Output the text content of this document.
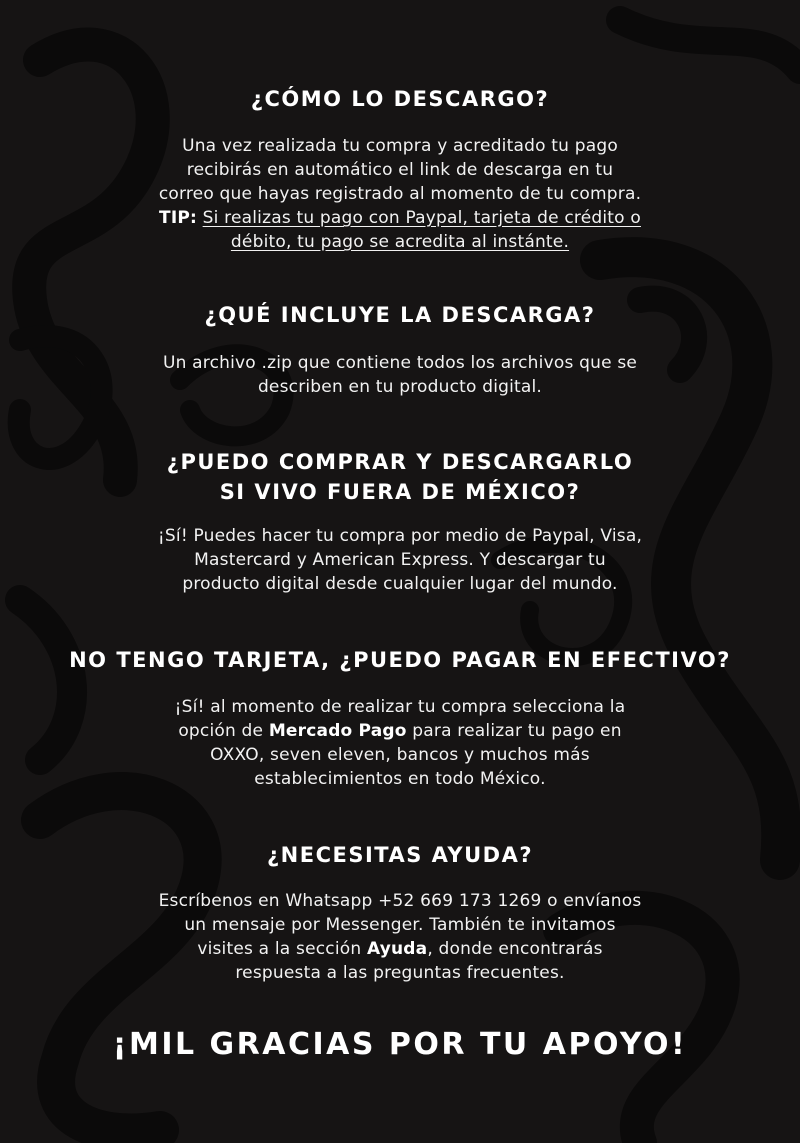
¿CÓMO LO DESCARGO?

Una vez realizada tu compra y acreditado tu pago
recibirás en automático el link de descarga en tu
correo que hayas registrado al momento de tu compra.
TIP: Si realizas tu pago con Paypal, tarjeta de crédito o
débito, tu pago se acredita al instánte.

¿QUÉ INCLUYE LA DESCARGA?

Un archivo .zip que contiene todos los archivos que se
describen en tu producto digital.

¿PUEDO COMPRAR Y DESCARGARLO
SI VIVO FUERA DE MÉXICO?

¡Sí! Puedes hacer tu compra por medio de Paypal, Visa,
Mastercard y American Express. Y descargar tu
producto digital desde cualquier lugar del mundo.

NO TENGO TARJETA, ¿PUEDO PAGAR EN EFECTIVO?

¡Sí! al momento de realizar tu compra selecciona la
opción de Mercado Pago para realizar tu pago en
OXXO, seven eleven, bancos y muchos más
establecimientos en todo México.

¿NECESITAS AYUDA?

Escríbenos en Whatsapp +52 669 173 1269 o envíanos
un mensaje por Messenger. También te invitamos
visites a la sección Ayuda, donde encontrarás
respuesta a las preguntas frecuentes.

¡MIL GRACIAS POR TU APOYO!
